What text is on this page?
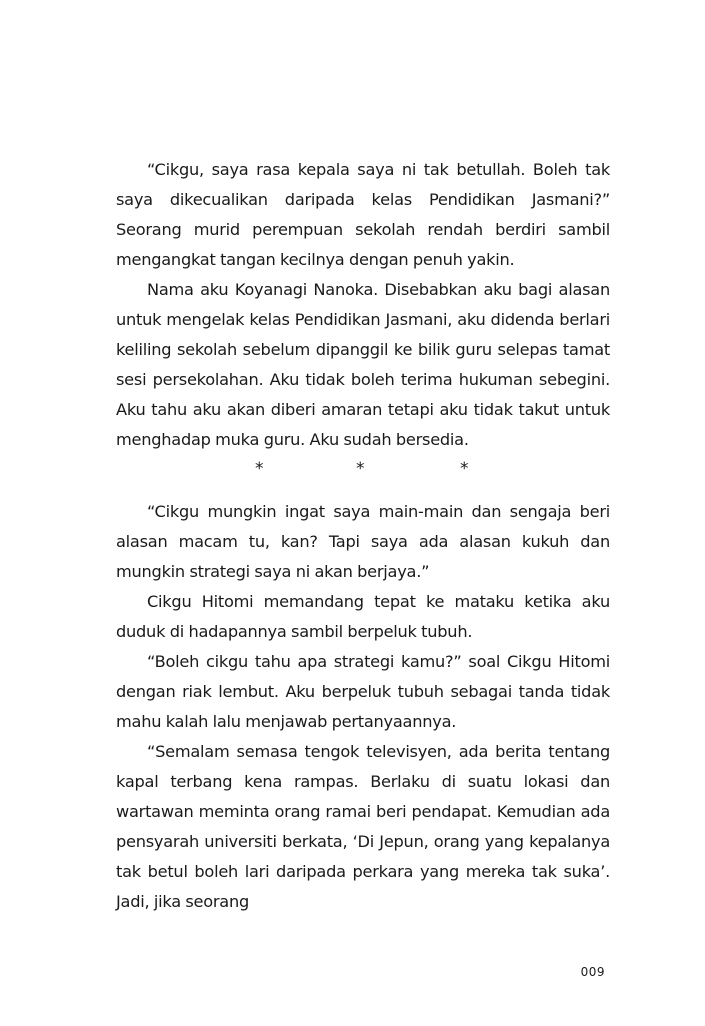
“Cikgu, saya rasa kepala saya ni tak betullah. Boleh tak saya dikecualikan daripada kelas Pendidikan Jasmani?” Seorang murid perempuan sekolah rendah berdiri sambil mengangkat tangan kecilnya dengan penuh yakin.

Nama aku Koyanagi Nanoka. Disebabkan aku bagi alasan untuk mengelak kelas Pendidikan Jasmani, aku didenda berlari keliling sekolah sebelum dipanggil ke bilik guru selepas tamat sesi persekolahan. Aku tidak boleh terima hukuman sebegini. Aku tahu aku akan diberi amaran tetapi aku tidak takut untuk menghadap muka guru. Aku sudah bersedia.

*	*	*

“Cikgu mungkin ingat saya main-main dan sengaja beri alasan macam tu, kan? Tapi saya ada alasan kukuh dan mungkin strategi saya ni akan berjaya.”

Cikgu Hitomi memandang tepat ke mataku ketika aku duduk di hadapannya sambil berpeluk tubuh.

“Boleh cikgu tahu apa strategi kamu?” soal Cikgu Hitomi dengan riak lembut. Aku berpeluk tubuh sebagai tanda tidak mahu kalah lalu menjawab pertanyaannya.

“Semalam semasa tengok televisyen, ada berita tentang kapal terbang kena rampas. Berlaku di suatu lokasi dan wartawan meminta orang ramai beri pendapat. Kemudian ada pensyarah universiti berkata, ‘Di Jepun, orang yang kepalanya tak betul boleh lari daripada perkara yang mereka tak suka’. Jadi, jika seorang

009
